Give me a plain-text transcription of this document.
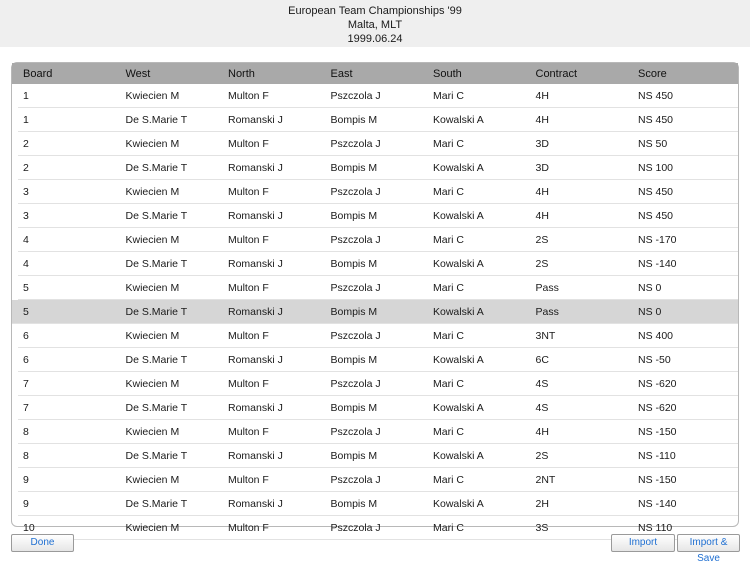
European Team Championships '99
Malta, MLT
1999.06.24
Board	West	North	East	South	Contract	Score
1	Kwiecien M	Multon F	Pszczola J	Mari C	4H	NS 450
1	De S.Marie T	Romanski J	Bompis M	Kowalski A	4H	NS 450
2	Kwiecien M	Multon F	Pszczola J	Mari C	3D	NS 50
2	De S.Marie T	Romanski J	Bompis M	Kowalski A	3D	NS 100
3	Kwiecien M	Multon F	Pszczola J	Mari C	4H	NS 450
3	De S.Marie T	Romanski J	Bompis M	Kowalski A	4H	NS 450
4	Kwiecien M	Multon F	Pszczola J	Mari C	2S	NS -170
4	De S.Marie T	Romanski J	Bompis M	Kowalski A	2S	NS -140
5	Kwiecien M	Multon F	Pszczola J	Mari C	Pass	NS 0
5	De S.Marie T	Romanski J	Bompis M	Kowalski A	Pass	NS 0
6	Kwiecien M	Multon F	Pszczola J	Mari C	3NT	NS 400
6	De S.Marie T	Romanski J	Bompis M	Kowalski A	6C	NS -50
7	Kwiecien M	Multon F	Pszczola J	Mari C	4S	NS -620
7	De S.Marie T	Romanski J	Bompis M	Kowalski A	4S	NS -620
8	Kwiecien M	Multon F	Pszczola J	Mari C	4H	NS -150
8	De S.Marie T	Romanski J	Bompis M	Kowalski A	2S	NS -110
9	Kwiecien M	Multon F	Pszczola J	Mari C	2NT	NS -150
9	De S.Marie T	Romanski J	Bompis M	Kowalski A	2H	NS -140
10	Kwiecien M	Multon F	Pszczola J	Mari C	3S	NS 110
Done	Import	Import & Save
